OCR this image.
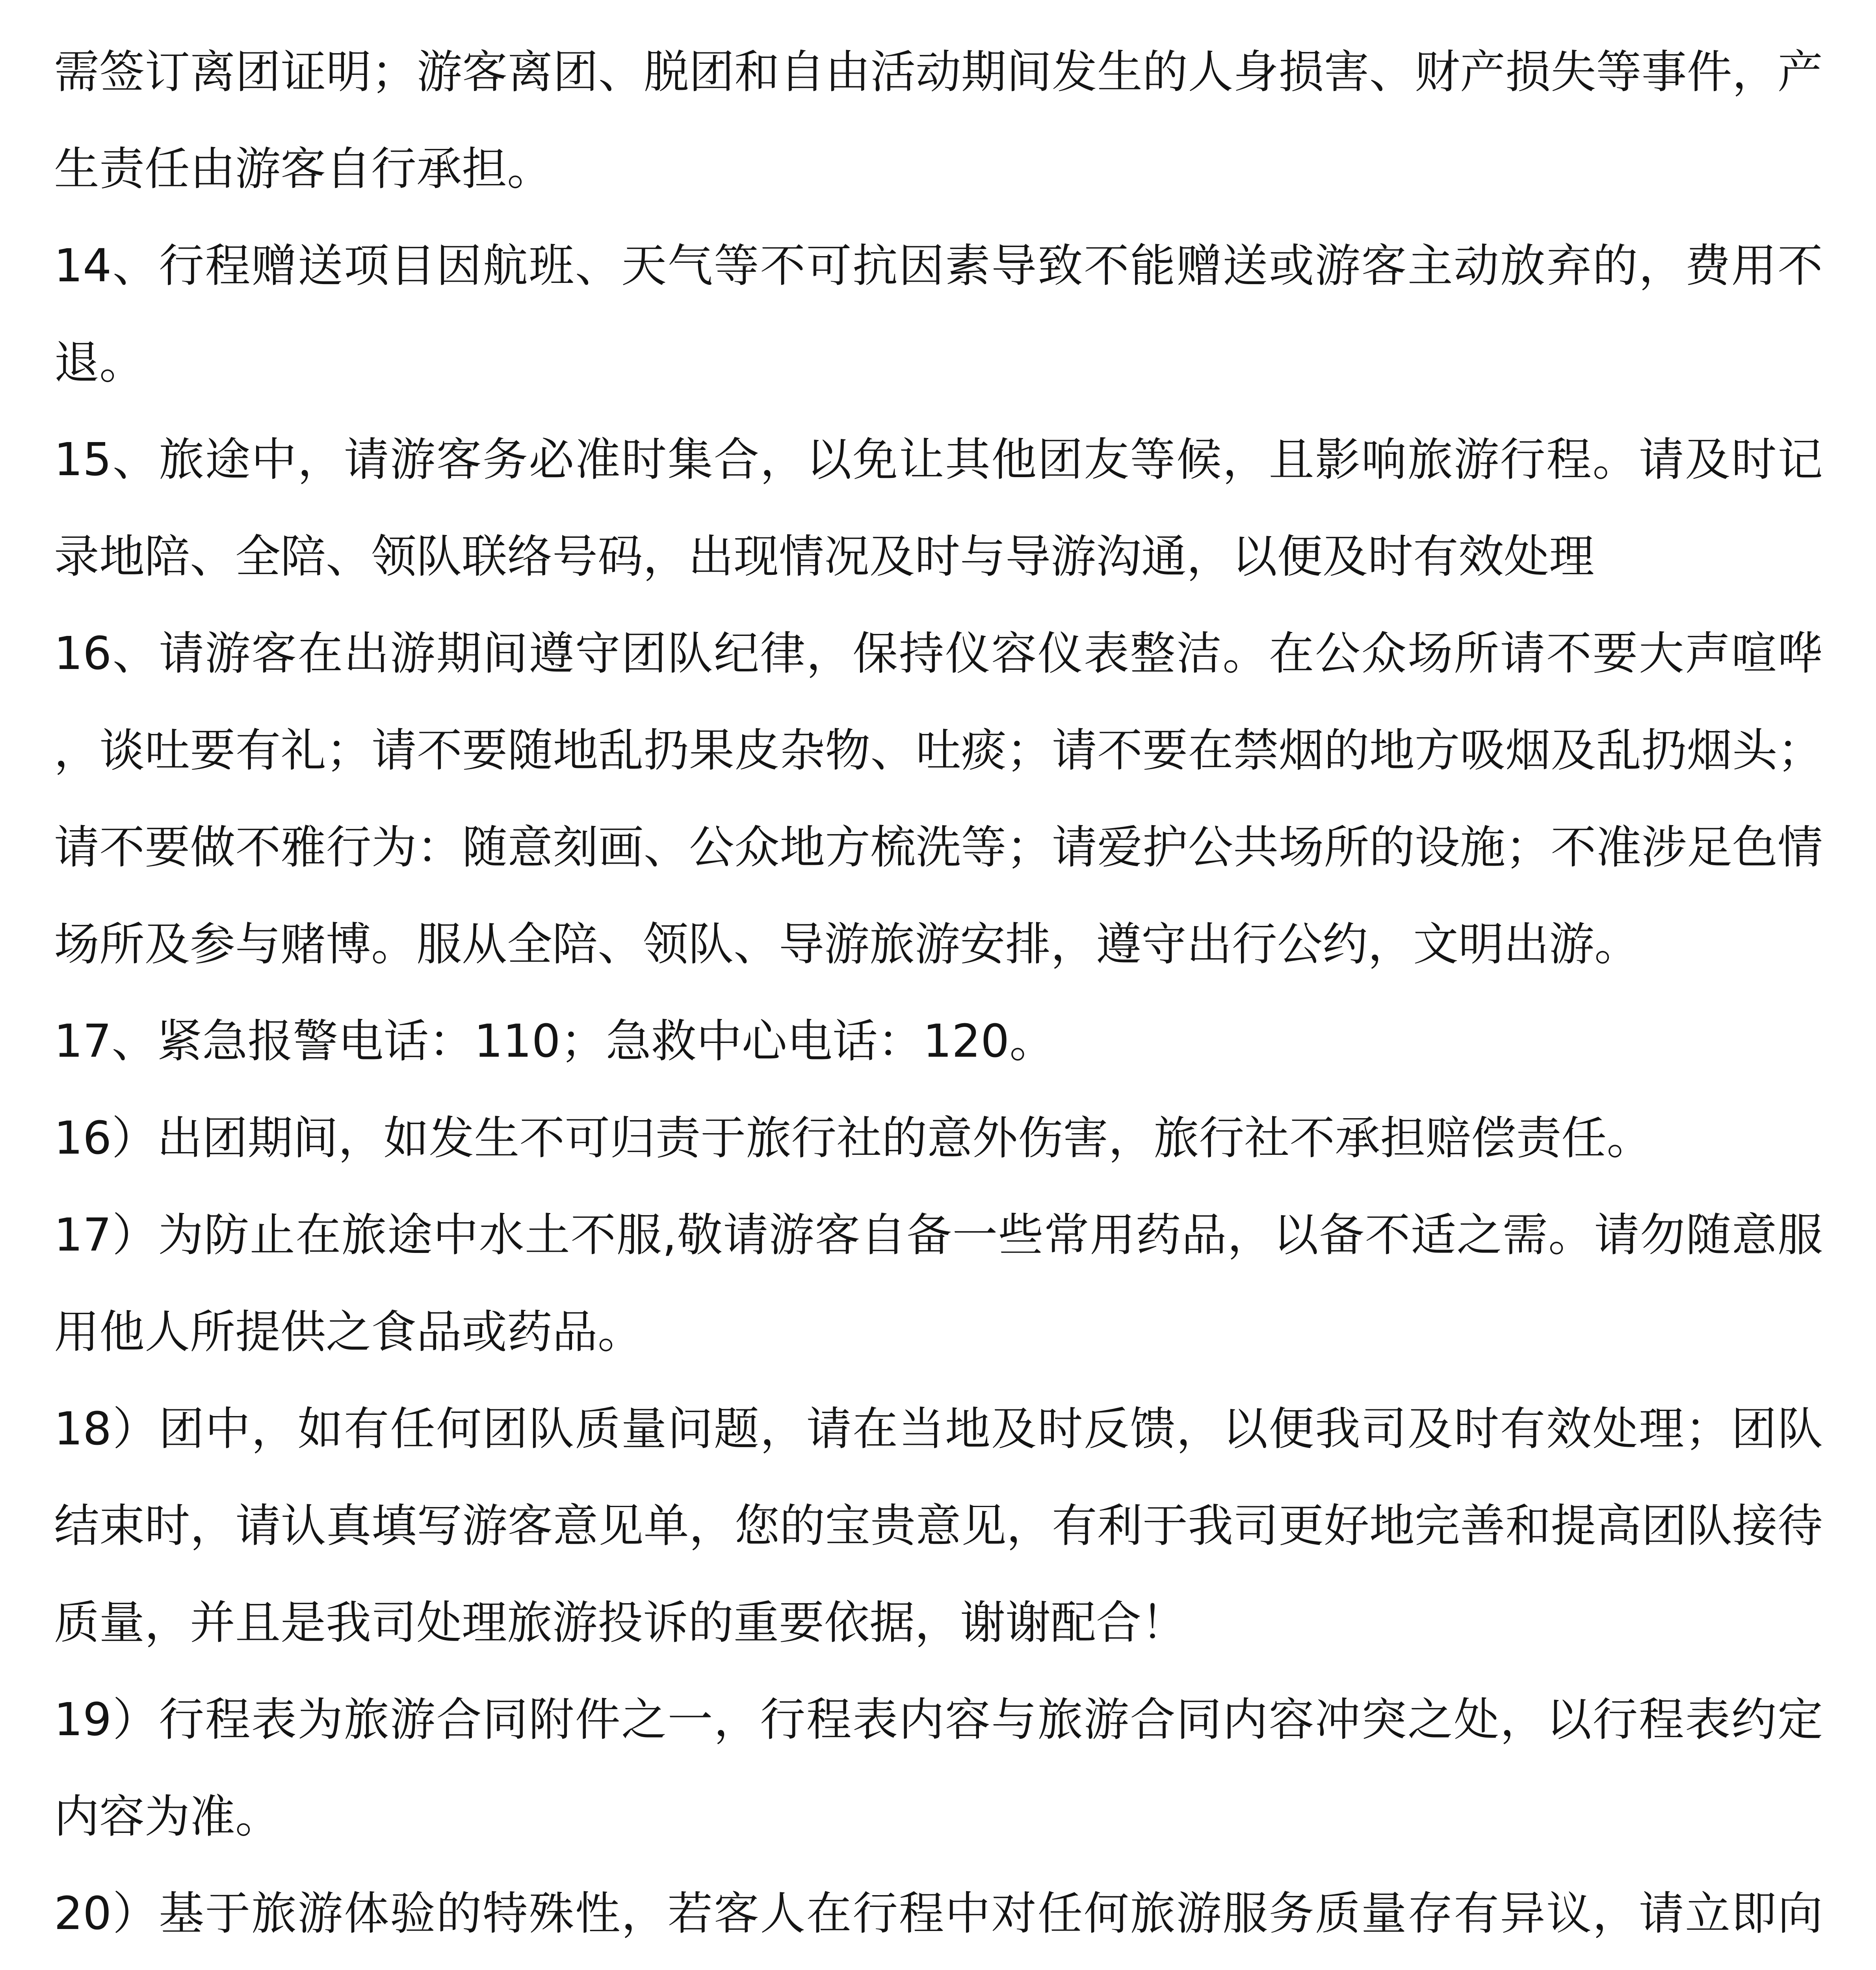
需签订离团证明；游客离团、脱团和自由活动期间发生的人身损害、财产损失等事件，产生责任由游客自行承担。

14、行程赠送项目因航班、天气等不可抗因素导致不能赠送或游客主动放弃的，费用不退。

15、旅途中，请游客务必准时集合，以免让其他团友等候，且影响旅游行程。请及时记录地陪、全陪、领队联络号码，出现情况及时与导游沟通，以便及时有效处理

16、请游客在出游期间遵守团队纪律，保持仪容仪表整洁。在公众场所请不要大声喧哗，谈吐要有礼；请不要随地乱扔果皮杂物、吐痰；请不要在禁烟的地方吸烟及乱扔烟头；请不要做不雅行为：随意刻画、公众地方梳洗等；请爱护公共场所的设施；不准涉足色情场所及参与赌博。服从全陪、领队、导游旅游安排，遵守出行公约，文明出游。

17、紧急报警电话：110；急救中心电话：120。

16）出团期间，如发生不可归责于旅行社的意外伤害，旅行社不承担赔偿责任。

17）为防止在旅途中水土不服,敬请游客自备一些常用药品，以备不适之需。请勿随意服用他人所提供之食品或药品。

18）团中，如有任何团队质量问题，请在当地及时反馈，以便我司及时有效处理；团队结束时，请认真填写游客意见单，您的宝贵意见，有利于我司更好地完善和提高团队接待质量，并且是我司处理旅游投诉的重要依据，谢谢配合！

19）行程表为旅游合同附件之一，行程表内容与旅游合同内容冲突之处，以行程表约定内容为准。

20）基于旅游体验的特殊性，若客人在行程中对任何旅游服务质量存有异议，请立即向
